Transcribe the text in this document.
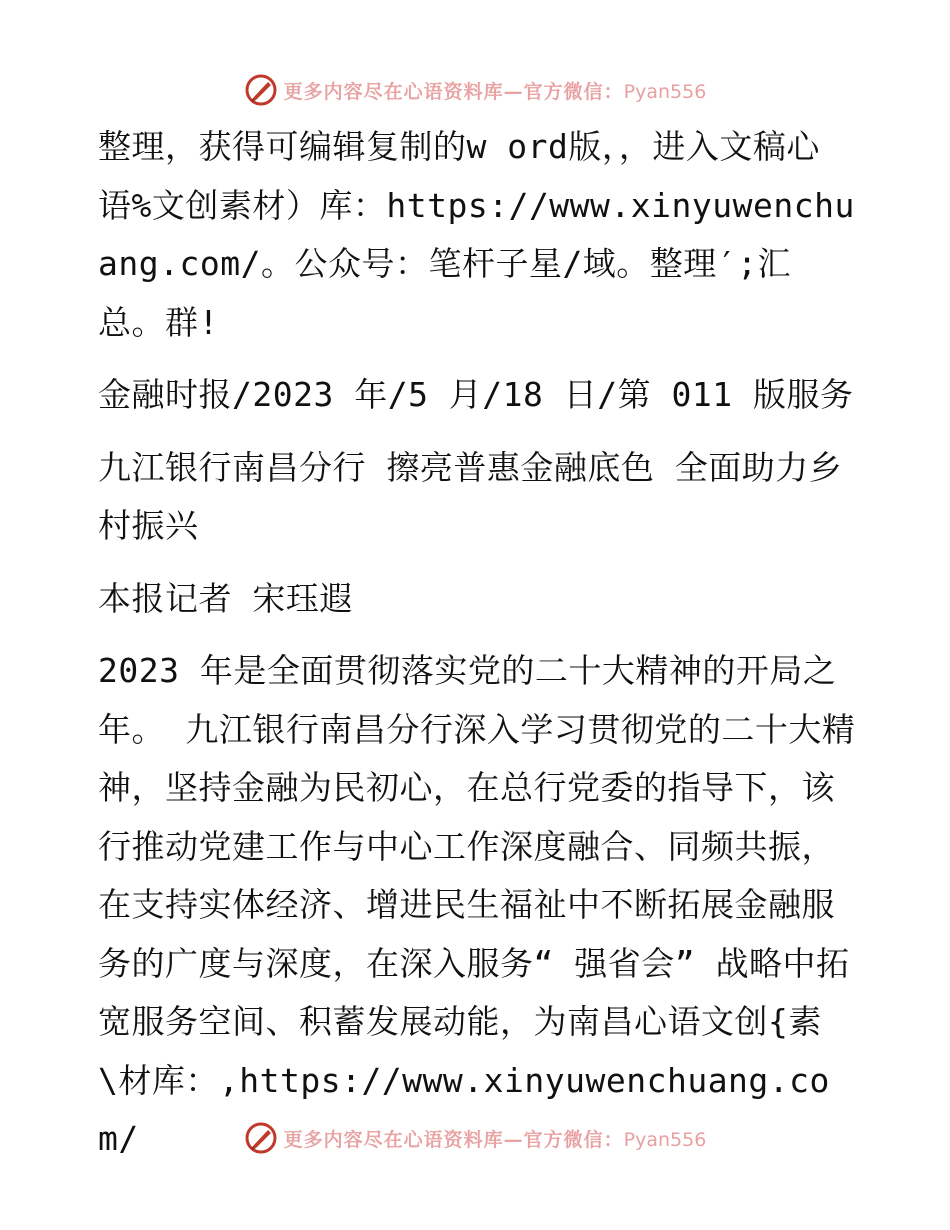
更多内容尽在心语资料库—官方微信：Pyan556

整理，获得可编辑复制的w ord版，，进入文稿心语%文创素材）库：https://www.xinyuwenchuang.com/。公众号：笔杆子星/域。整理′;汇总。群!

金融时报/2023 年/5 月/18 日/第 011 版服务

九江银行南昌分行 擦亮普惠金融底色 全面助力乡村振兴

本报记者 宋珏遐

2023 年是全面贯彻落实党的二十大精神的开局之年。 九江银行南昌分行深入学习贯彻党的二十大精神，坚持金融为民初心，在总行党委的指导下，该行推动党建工作与中心工作深度融合、同频共振，在支持实体经济、增进民生福祉中不断拓展金融服务的广度与深度，在深入服务“ 强省会” 战略中拓宽服务空间、积蓄发展动能，为南昌心语文创{素\材库：,https://www.xinyuwenchuang.com/	更多内容尽在心语资料库—官方微信：Pyan556
